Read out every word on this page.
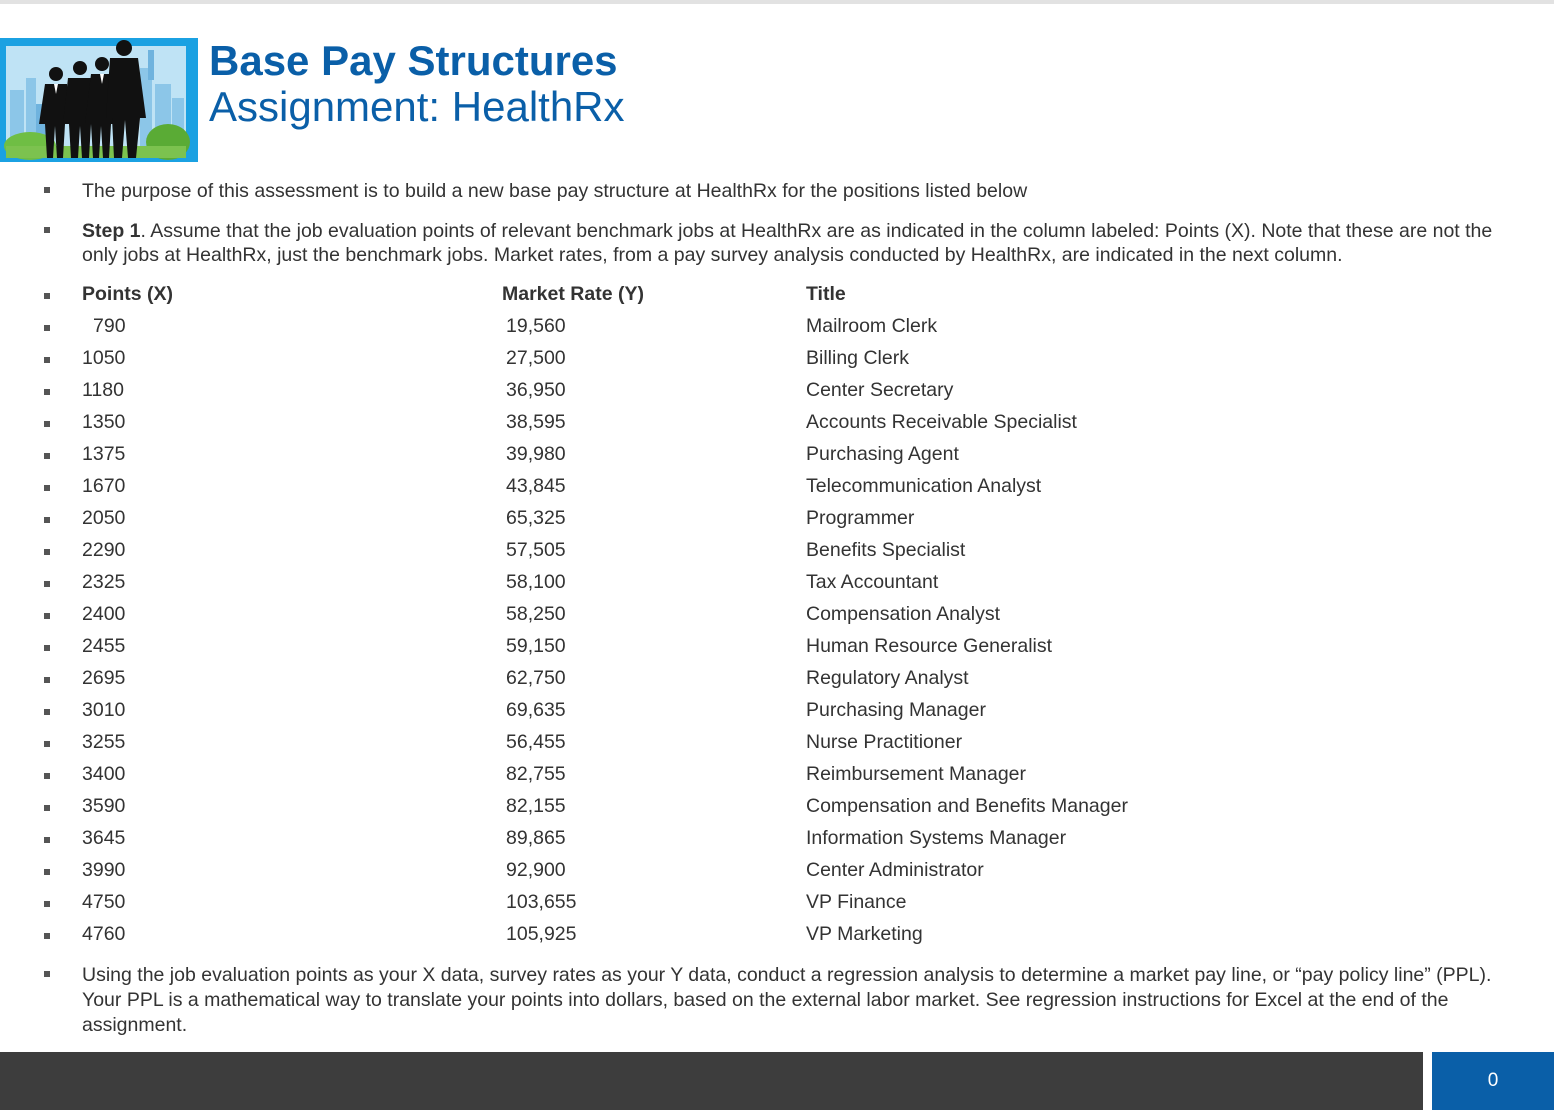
Base Pay Structures
Assignment: HealthRx
The purpose of this assessment is to build a new base pay structure at HealthRx for the positions listed below
Step 1. Assume that the job evaluation points of relevant benchmark jobs at HealthRx are as indicated in the column labeled: Points (X). Note that these are not the only jobs at HealthRx, just the benchmark jobs. Market rates, from a pay survey analysis conducted by HealthRx, are indicated in the next column.
Points (X)	Market Rate (Y)	Title
790	19,560	Mailroom Clerk
1050	27,500	Billing Clerk
1180	36,950	Center Secretary
1350	38,595	Accounts Receivable Specialist
1375	39,980	Purchasing Agent
1670	43,845	Telecommunication Analyst
2050	65,325	Programmer
2290	57,505	Benefits Specialist
2325	58,100	Tax Accountant
2400	58,250	Compensation Analyst
2455	59,150	Human Resource Generalist
2695	62,750	Regulatory Analyst
3010	69,635	Purchasing Manager
3255	56,455	Nurse Practitioner
3400	82,755	Reimbursement Manager
3590	82,155	Compensation and Benefits Manager
3645	89,865	Information Systems Manager
3990	92,900	Center Administrator
4750	103,655	VP Finance
4760	105,925	VP Marketing
Using the job evaluation points as your X data, survey rates as your Y data, conduct a regression analysis to determine a market pay line, or “pay policy line” (PPL). Your PPL is a mathematical way to translate your points into dollars, based on the external labor market. See regression instructions for Excel at the end of the assignment.
0
